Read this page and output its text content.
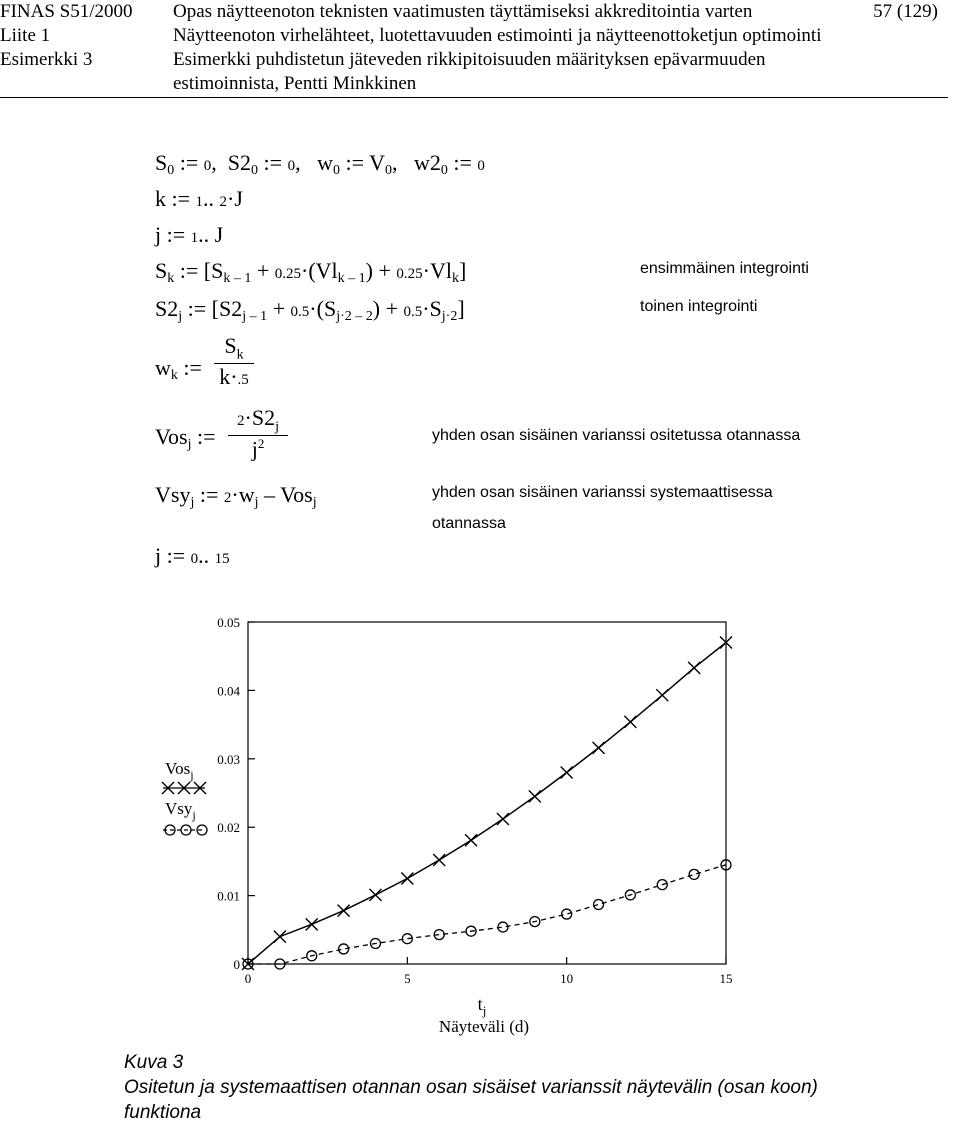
FINAS S51/2000 Opas näytteenoton teknisten vaatimusten täyttämiseksi akkreditointia varten	57 (129)
Liite 1	Näytteenoton virhelähteet, luotettavuuden estimointi ja näytteenottoketjun optimointi
Esimerkki 3	Esimerkki puhdistetun jäteveden rikkipitoisuuden määrityksen epävarmuuden
estimoinnista, Pentti Minkkinen
$S_0$ := 0,  $S2_0$ := 0,   $w_0$ := $V_0$,   $w2_0$ := 0
k := 1.. 2·J
j := 1.. J
$S_k$ := $[S_{k - 1} + 0.25\cdot(Vl_{k - 1}) + 0.25\cdot Vl_k]$
$S2_j$ := $[S2_{j - 1} + 0.5\cdot(S_{j\cdot 2 - 2}) + 0.5\cdot S_{j\cdot 2}]$
ensimmäinen integrointi
toinen integrointi
$w_k$ := $\frac{S_k}{k\cdot.5}$
Vos$_j$ := $\frac{2\cdot S2_j}{j^2}$	yhden osan sisäinen varianssi ositetussa otannassa
Vsy$_j$ := $2\cdot w_j - Vos_j$
yhden osan sisäinen varianssi systemaattisessa
otannassa
j := 0.. 15
0
0.01
0.02
0.03
0.04
0.05
0	5	10	15
Vos$_j$
Vsy$_j$
$t_j$
Näyteväli (d)
Kuva 3
Ositetun ja systemaattisen otannan osan sisäiset varianssit näytevälin (osan koon)
funktiona
